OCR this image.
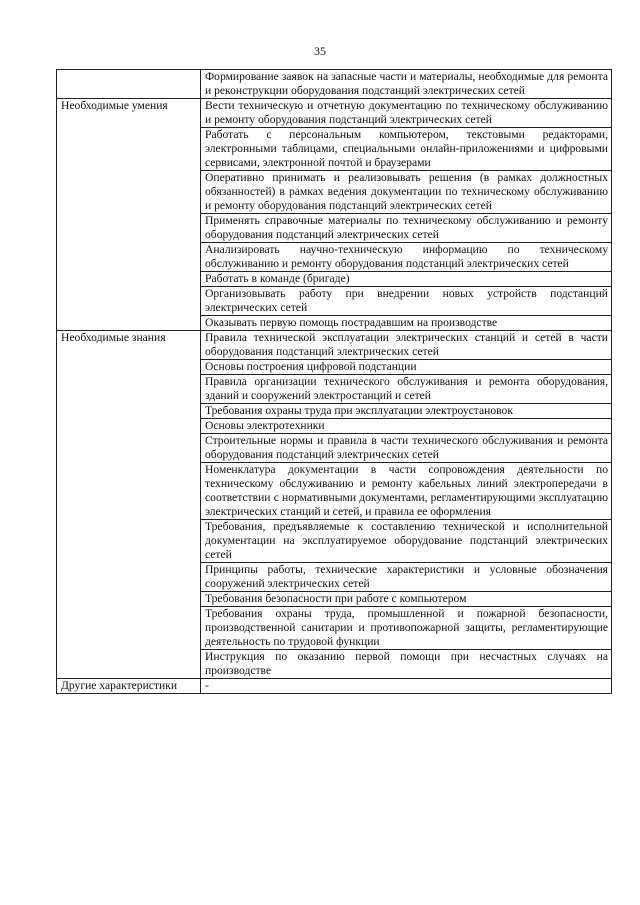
35
	Формирование заявок на запасные части и материалы, необходимые для ремонта и реконструкции оборудования подстанций электрических сетей
Необходимые умения	Вести техническую и отчетную документацию по техническому обслуживанию и ремонту оборудования подстанций электрических сетей
	Работать с персональным компьютером, текстовыми редакторами, электронными таблицами, специальными онлайн-приложениями и цифровыми сервисами, электронной почтой и браузерами
	Оперативно принимать и реализовывать решения (в рамках должностных обязанностей) в рамках ведения документации по техническому обслуживанию и ремонту оборудования подстанций электрических сетей
	Применять справочные материалы по техническому обслуживанию и ремонту оборудования подстанций электрических сетей
	Анализировать научно-техническую информацию по техническому обслуживанию и ремонту оборудования подстанций электрических сетей
	Работать в команде (бригаде)
	Организовывать работу при внедрении новых устройств подстанций электрических сетей
	Оказывать первую помощь пострадавшим на производстве
Необходимые знания	Правила технической эксплуатации электрических станций и сетей в части оборудования подстанций электрических сетей
	Основы построения цифровой подстанции
	Правила организации технического обслуживания и ремонта оборудования, зданий и сооружений электростанций и сетей
	Требования охраны труда при эксплуатации электроустановок
	Основы электротехники
	Строительные нормы и правила в части технического обслуживания и ремонта оборудования подстанций электрических сетей
	Номенклатура документации в части сопровождения деятельности по техническому обслуживанию и ремонту кабельных линий электропередачи в соответствии с нормативными документами, регламентирующими эксплуатацию электрических станций и сетей, и правила ее оформления
	Требования, предъявляемые к составлению технической и исполнительной документации на эксплуатируемое оборудование подстанций электрических сетей
	Принципы работы, технические характеристики и условные обозначения сооружений электрических сетей
	Требования безопасности при работе с компьютером
	Требования охраны труда, промышленной и пожарной безопасности, производственной санитарии и противопожарной защиты, регламентирующие деятельность по трудовой функции
	Инструкция по оказанию первой помощи при несчастных случаях на производстве
Другие характеристики	-
